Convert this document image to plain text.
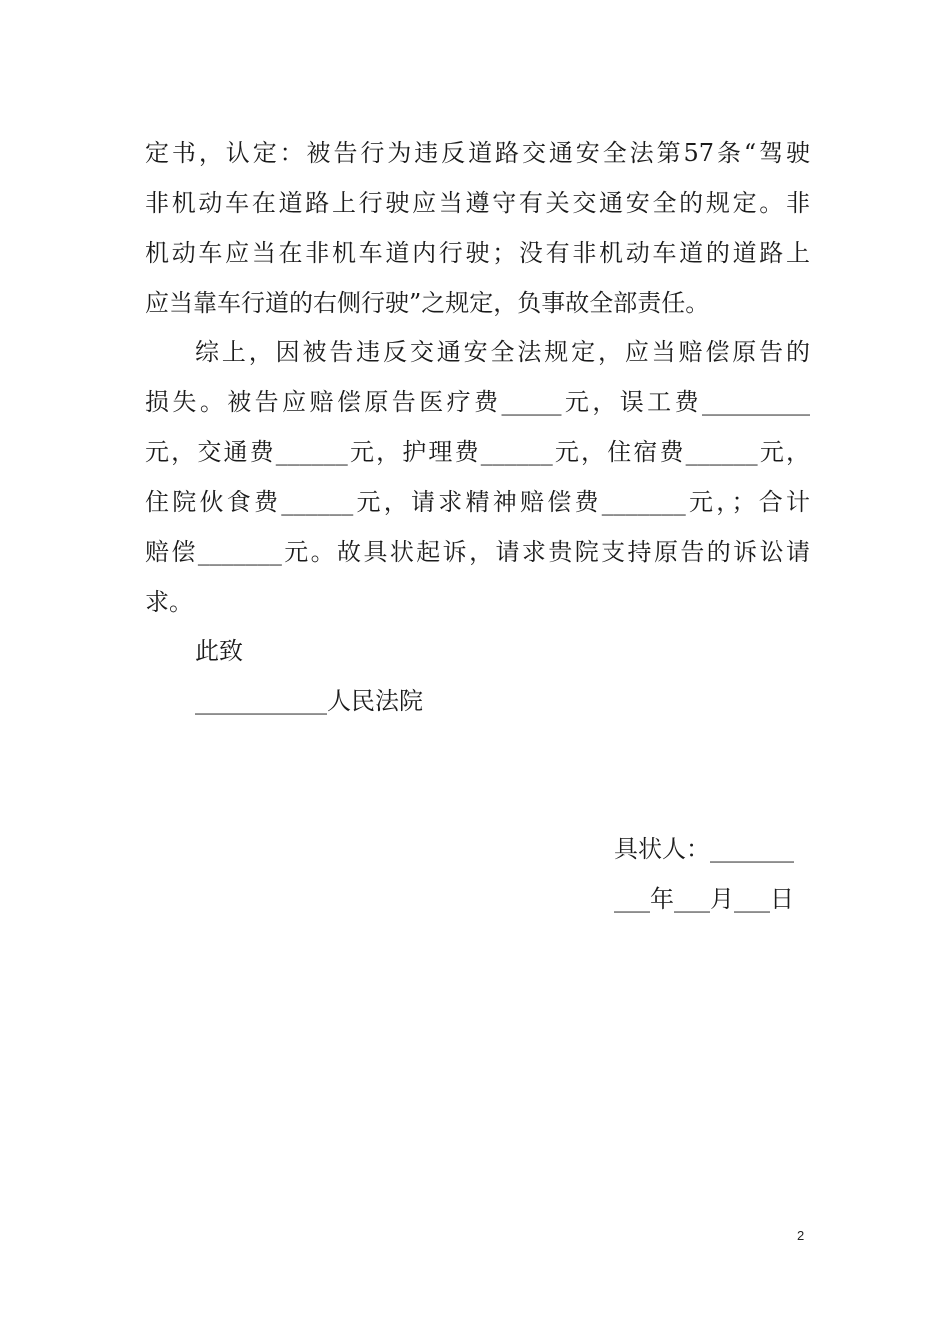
定书，认定：被告行为违反道路交通安全法第57条“驾驶
非机动车在道路上行驶应当遵守有关交通安全的规定。非
机动车应当在非机车道内行驶；没有非机动车道的道路上
应当靠车行道的右侧行驶”之规定，负事故全部责任。
综上，因被告违反交通安全法规定，应当赔偿原告的
损失。被告应赔偿原告医疗费_____元，误工费_________
元，交通费______元，护理费______元，住宿费______元，
住院伙食费______元，请求精神赔偿费_______元，；合计
赔偿_______元。故具状起诉，请求贵院支持原告的诉讼请
求。
此致
___________人民法院
具状人：_______
___年___月___日
2
